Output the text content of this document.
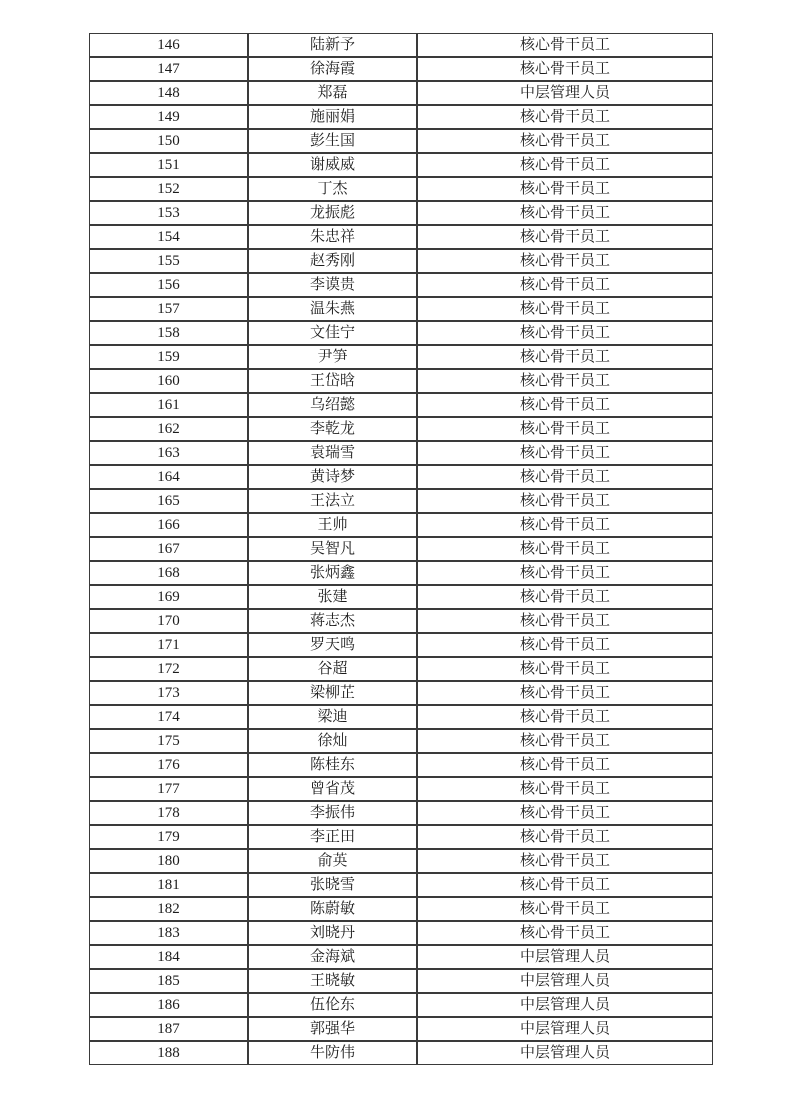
146	陆新予	核心骨干员工
147	徐海霞	核心骨干员工
148	郑磊	中层管理人员
149	施丽娟	核心骨干员工
150	彭生国	核心骨干员工
151	谢威威	核心骨干员工
152	丁杰	核心骨干员工
153	龙振彪	核心骨干员工
154	朱忠祥	核心骨干员工
155	赵秀刚	核心骨干员工
156	李谟贵	核心骨干员工
157	温朱燕	核心骨干员工
158	文佳宁	核心骨干员工
159	尹笋	核心骨干员工
160	王岱晗	核心骨干员工
161	乌绍懿	核心骨干员工
162	李乾龙	核心骨干员工
163	袁瑞雪	核心骨干员工
164	黄诗梦	核心骨干员工
165	王法立	核心骨干员工
166	王帅	核心骨干员工
167	吴智凡	核心骨干员工
168	张炳鑫	核心骨干员工
169	张建	核心骨干员工
170	蒋志杰	核心骨干员工
171	罗天鸣	核心骨干员工
172	谷超	核心骨干员工
173	梁柳芷	核心骨干员工
174	梁迪	核心骨干员工
175	徐灿	核心骨干员工
176	陈桂东	核心骨干员工
177	曾省茂	核心骨干员工
178	李振伟	核心骨干员工
179	李正田	核心骨干员工
180	俞英	核心骨干员工
181	张晓雪	核心骨干员工
182	陈蔚敏	核心骨干员工
183	刘晓丹	核心骨干员工
184	金海斌	中层管理人员
185	王晓敏	中层管理人员
186	伍伦东	中层管理人员
187	郭强华	中层管理人员
188	牛防伟	中层管理人员
